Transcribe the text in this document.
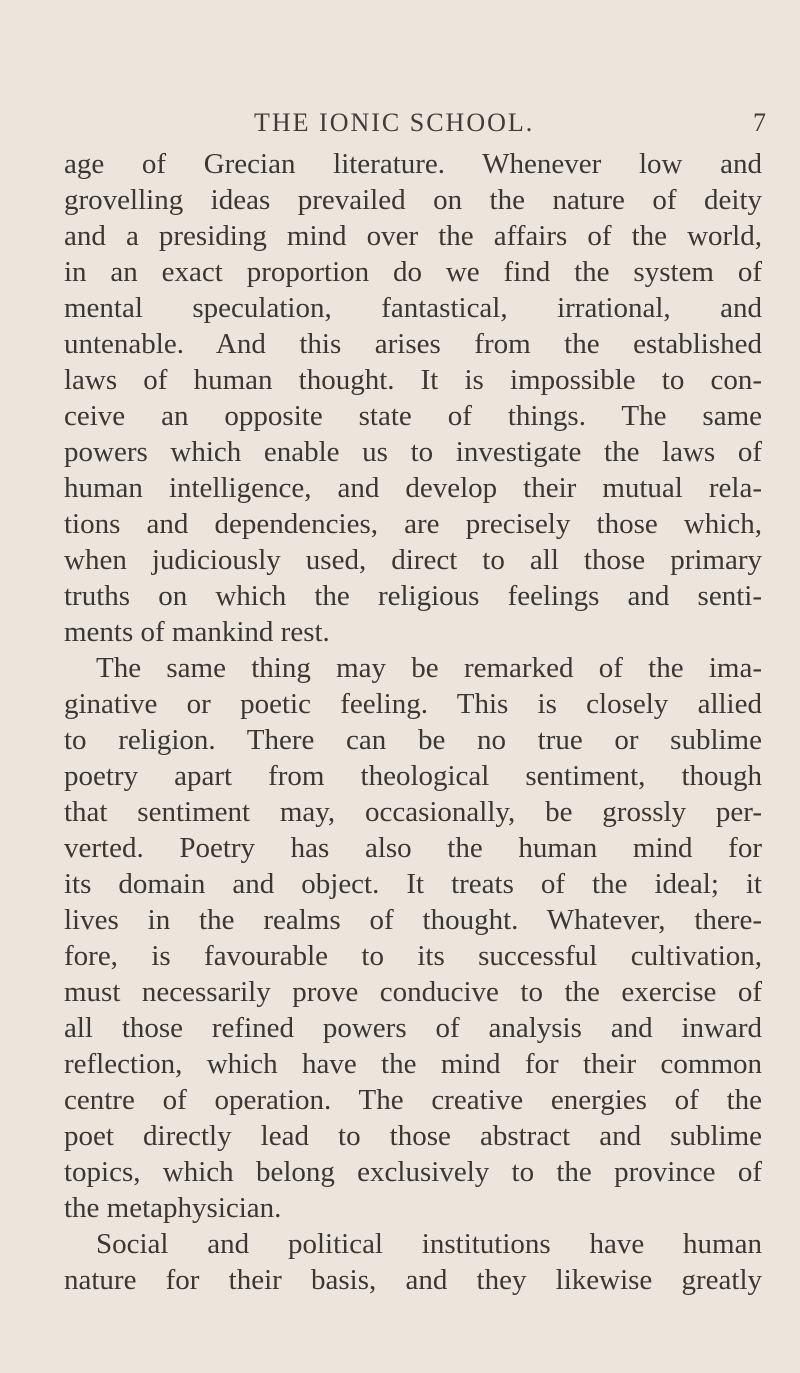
THE IONIC SCHOOL.	7
age of Grecian literature. Whenever low and
grovelling ideas prevailed on the nature of deity
and a presiding mind over the affairs of the world,
in an exact proportion do we find the system of
mental speculation, fantastical, irrational, and
untenable. And this arises from the established
laws of human thought. It is impossible to con-
ceive an opposite state of things. The same
powers which enable us to investigate the laws of
human intelligence, and develop their mutual rela-
tions and dependencies, are precisely those which,
when judiciously used, direct to all those primary
truths on which the religious feelings and senti-
ments of mankind rest.
The same thing may be remarked of the ima-
ginative or poetic feeling. This is closely allied
to religion. There can be no true or sublime
poetry apart from theological sentiment, though
that sentiment may, occasionally, be grossly per-
verted. Poetry has also the human mind for
its domain and object. It treats of the ideal; it
lives in the realms of thought. Whatever, there-
fore, is favourable to its successful cultivation,
must necessarily prove conducive to the exercise of
all those refined powers of analysis and inward
reflection, which have the mind for their common
centre of operation. The creative energies of the
poet directly lead to those abstract and sublime
topics, which belong exclusively to the province of
the metaphysician.
Social and political institutions have human
nature for their basis, and they likewise greatly
